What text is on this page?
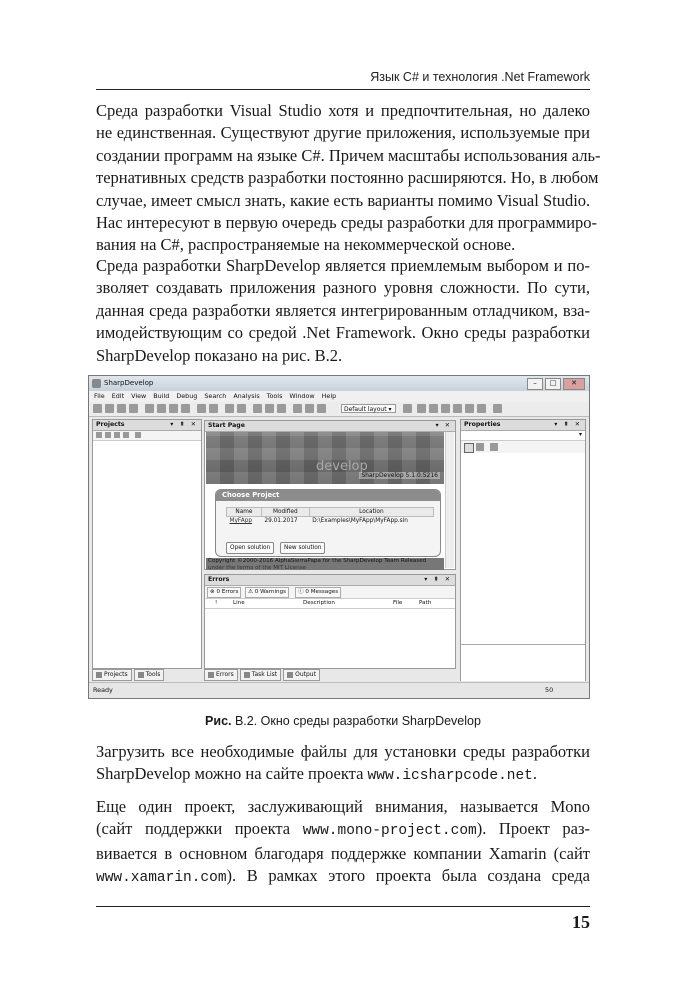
Язык C# и технология .Net Framework

Среда разработки Visual Studio хотя и предпочтительная, но далеко
не единственная. Существуют другие приложения, используемые при
создании программ на языке C#. Причем масштабы использования аль-
тернативных средств разработки постоянно расширяются. Но, в любом
случае, имеет смысл знать, какие есть варианты помимо Visual Studio.
Нас интересуют в первую очередь среды разработки для программиро-
вания на C#, распространяемые на некоммерческой основе.

Среда разработки SharpDevelop является приемлемым выбором и по-
зволяет создавать приложения разного уровня сложности. По сути,
данная среда разработки является интегрированным отладчиком, вза-
имодействующим со средой .Net Framework. Окно среды разработки
SharpDevelop показано на рис. В.2.

SharpDevelop	–	□	✕
File Edit View Build Debug Search Analysis Tools Window Help
Default layout ▾
Projects	▾ ⇞ ✕
Projects	Tools
Start Page	▾ ✕
develop
SharpDevelop 5.1.0.5216
Choose Project
Name	Modified	Location
MyFApp	29.01.2017	D:\Examples\MyFApp\MyFApp.sln
Open solution	New solution
Copyright ©2000-2016 AlphaSierraPapa for the SharpDevelop Team Released
under the terms of the MIT License
Errors	▾ ⇞ ✕
⊗ 0 Errors	⚠ 0 Warnings	ⓘ 0 Messages
!	Line	Description	File	Path
Errors	Task List	Output
Properties	▾ ⇞ ✕
▾
Ready	50
Рис. В.2. Окно среды разработки SharpDevelop

Загрузить все необходимые файлы для установки среды разработки
SharpDevelop можно на сайте проекта www.icsharpcode.net.

Еще один проект, заслуживающий внимания, называется Mono
(сайт поддержки проекта www.mono-project.com). Проект раз-
вивается в основном благодаря поддержке компании Xamarin (сайт
www.xamarin.com). В рамках этого проекта была создана среда

15
